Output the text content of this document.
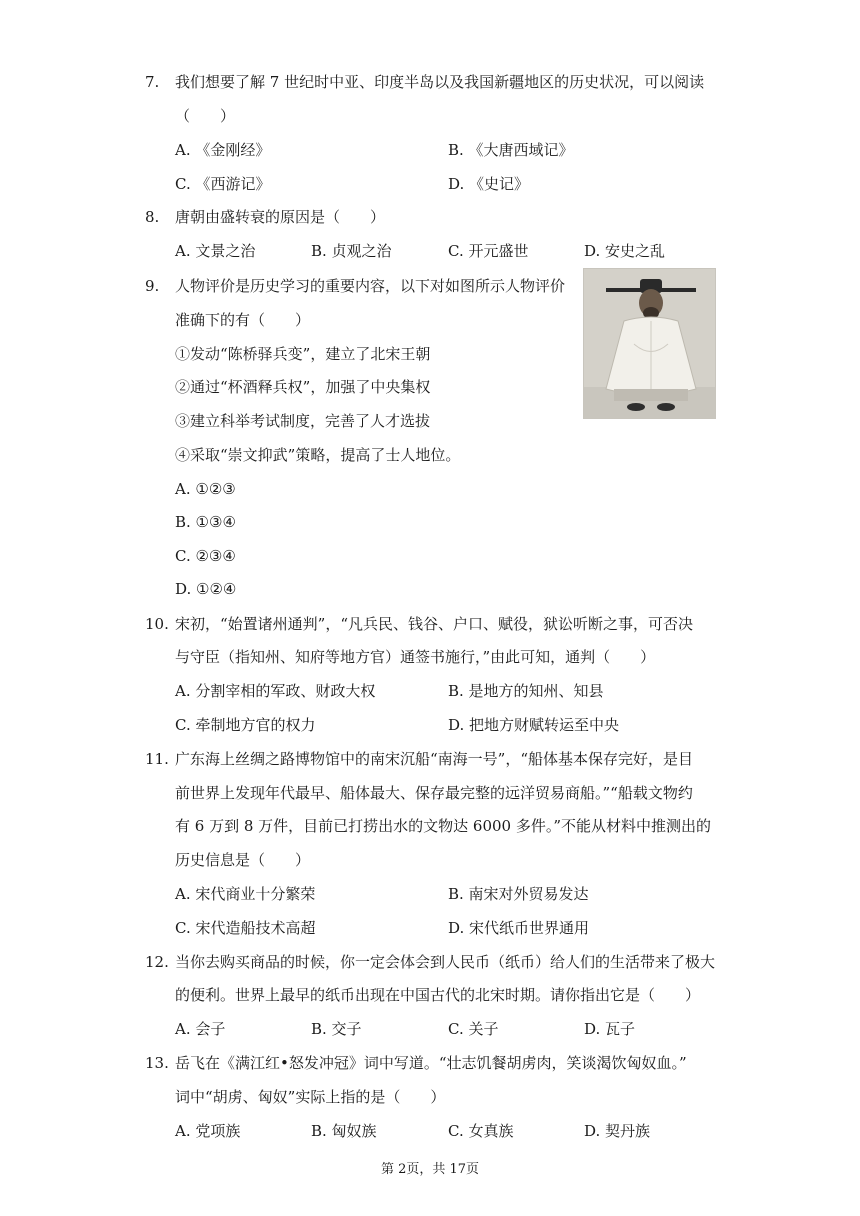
7. 我们想要了解 7 世纪时中亚、印度半岛以及我国新疆地区的历史状况，可以阅读
（　　）
A. 《金刚经》	B. 《大唐西域记》
C. 《西游记》	D. 《史记》
8. 唐朝由盛转衰的原因是（　　）
A. 文景之治	B. 贞观之治	C. 开元盛世	D. 安史之乱
9. 人物评价是历史学习的重要内容，以下对如图所示人物评价
准确下的有（　　）
①发动“陈桥驿兵变”，建立了北宋王朝
②通过“杯酒释兵权”，加强了中央集权
③建立科举考试制度，完善了人才选拔
④采取“崇文抑武”策略，提高了士人地位。
A. ①②③
B. ①③④
C. ②③④
D. ①②④
10. 宋初，“始置诸州通判”，“凡兵民、钱谷、户口、赋役，狱讼听断之事，可否决
与守臣（指知州、知府等地方官）通签书施行，”由此可知，通判（　　）
A. 分割宰相的军政、财政大权	B. 是地方的知州、知县
C. 牵制地方官的权力	D. 把地方财赋转运至中央
11. 广东海上丝绸之路博物馆中的南宋沉船“南海一号”，“船体基本保存完好，是目
前世界上发现年代最早、船体最大、保存最完整的远洋贸易商船。”“船载文物约
有 6 万到 8 万件，目前已打捞出水的文物达 6000 多件。”不能从材料中推测出的
历史信息是（　　）
A. 宋代商业十分繁荣	B. 南宋对外贸易发达
C. 宋代造船技术高超	D. 宋代纸币世界通用
12. 当你去购买商品的时候，你一定会体会到人民币（纸币）给人们的生活带来了极大
的便利。世界上最早的纸币出现在中国古代的北宋时期。请你指出它是（　　）
A. 会子	B. 交子	C. 关子	D. 瓦子
13. 岳飞在《满江红•怒发冲冠》词中写道。“壮志饥餐胡虏肉，笑谈渴饮匈奴血。”
词中“胡虏、匈奴”实际上指的是（　　）
A. 党项族	B. 匈奴族	C. 女真族	D. 契丹族
第 2页，共 17页
